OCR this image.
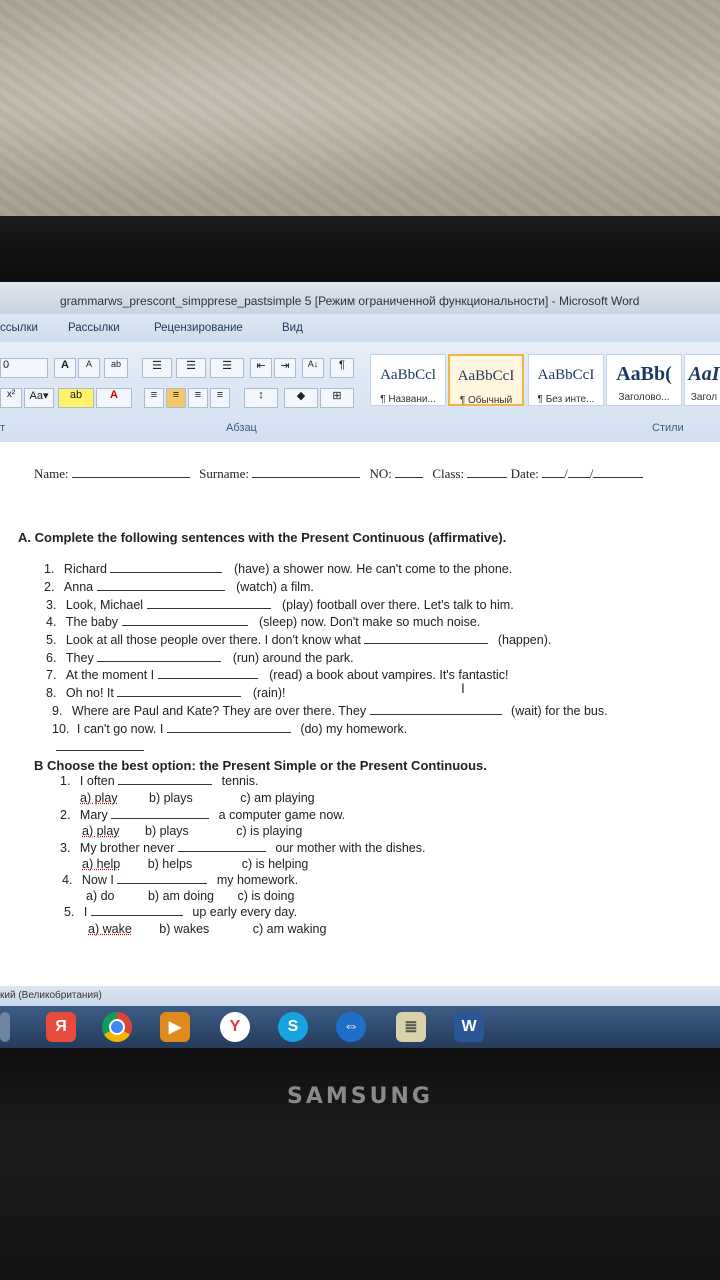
grammarws_prescont_simppresе_pastsimple 5 [Режим ограниченной функциональности] - Microsoft Word
ссылки	Рассылки	Рецензирование	Вид
0	A	A	ab
x²	Aa▾	ab	A
т
☰	☰	☰	⇤	⇥	A↓	¶
≡	≡	≡	≡	↕	◆	⊞
Абзац
AaBbCcl
¶ Названи...
AaBbCcI
¶ Обычный
AaBbCcI
¶ Без инте...
AaBb(
Заголово...
AaI
Загол
Стили
Name:	Surname:	NO:	Class:	Date: / /
A. Complete the following sentences with the Present Continuous (affirmative).
1. Richard	(have) a shower now. He can't come to the phone.
2. Anna	(watch) a film.
3. Look, Michael	(play) football over there. Let's talk to him.
4. The baby	(sleep) now. Don't make so much noise.
5. Look at all those people over there. I don't know what	(happen).
6. They	(run) around the park.
7. At the moment I	(read) a book about vampires. It's fantastic!
8. Oh no! It	(rain)!
9. Where are Paul and Kate? They are over there. They	(wait) for the bus.
10. I can't go now. I	(do) my homework.
B Choose the best option: the Present Simple or the Present Continuous.
1. I often	tennis.
a) play	b) plays	c) am playing
2. Mary	a computer game now.
a) play b) plays	c) is playing
3. My brother never	our mother with the dishes.
a) help b) helps	c) is helping
4. Now I	my homework.
a) do	b) am doing c) is doing
5. I	up early every day.
a) wake b) wakes	c) am waking
I
кий (Великобритания)
Я	▶	Y	S	⇔	≣	W
SAMSUNG
